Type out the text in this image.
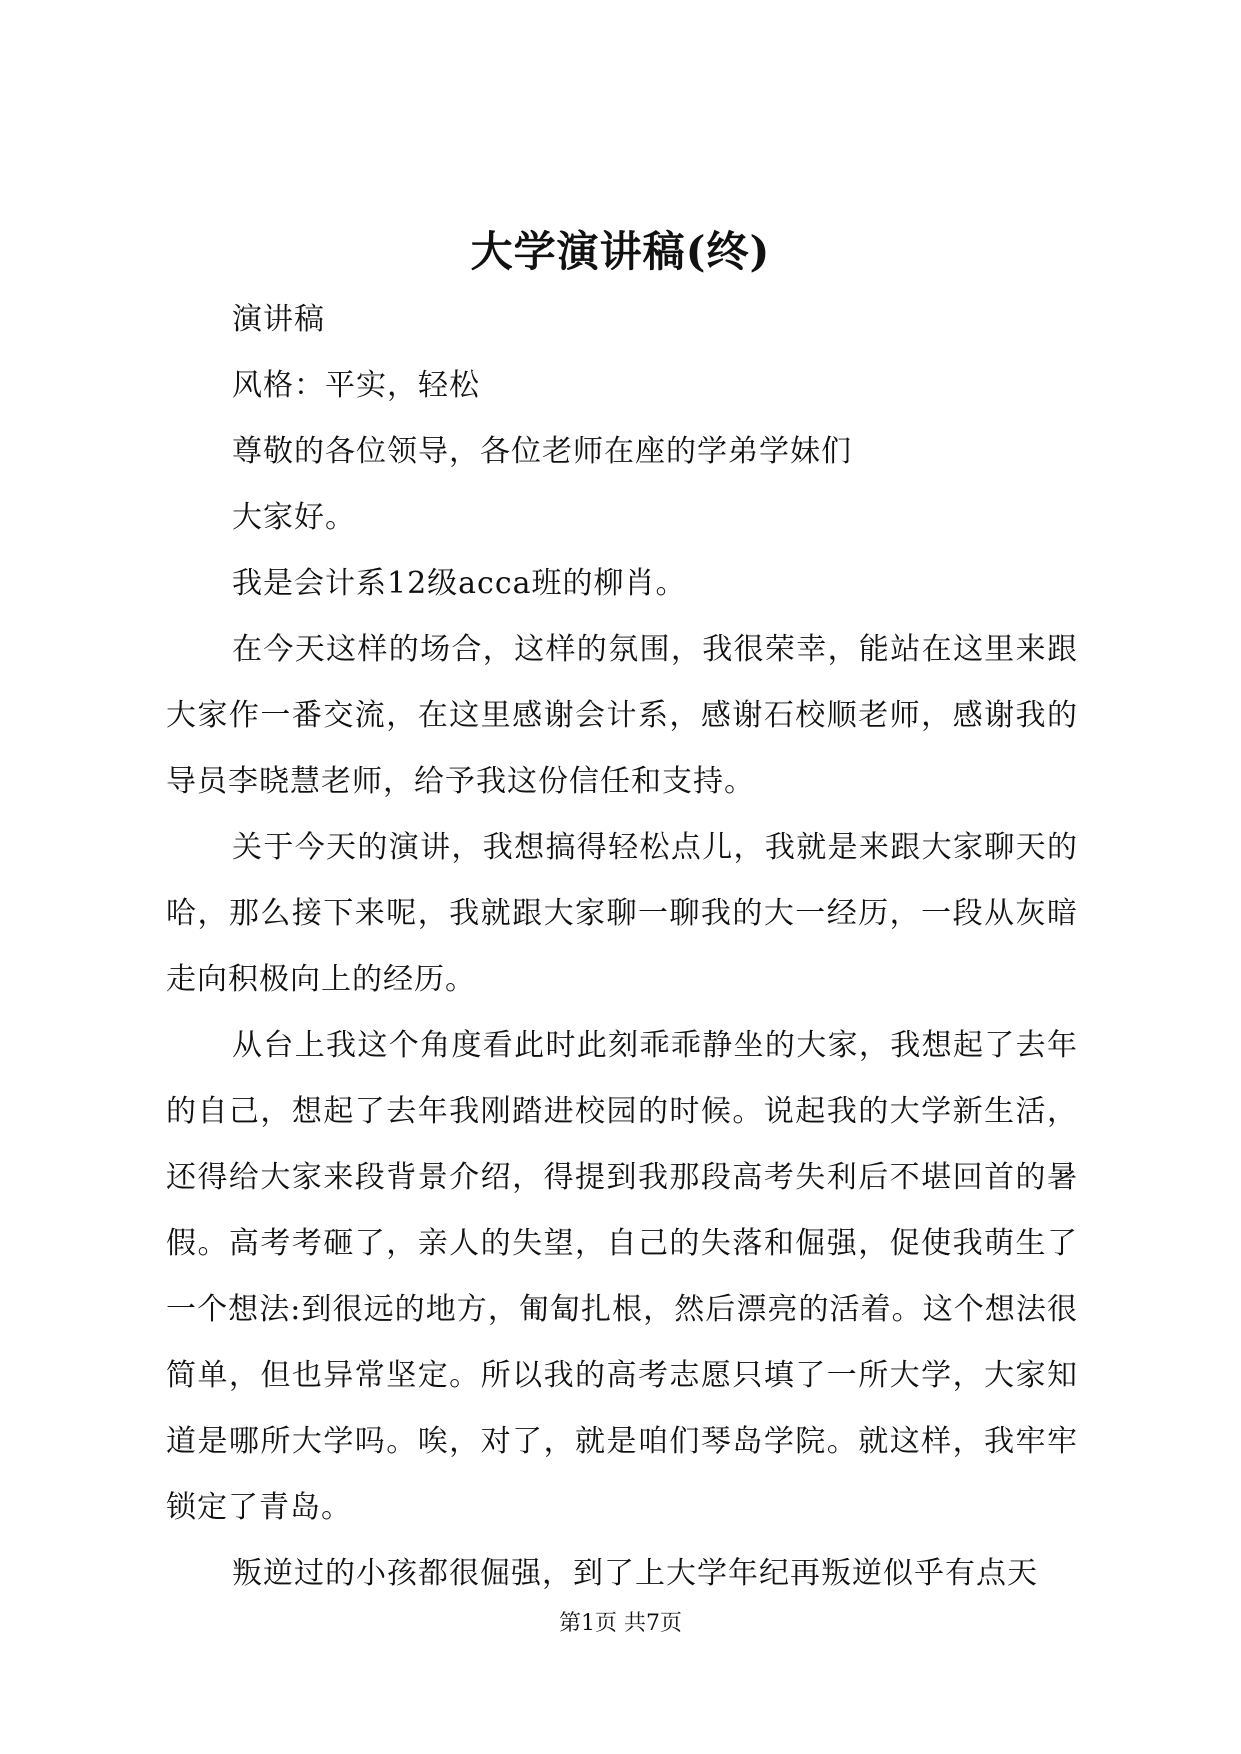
大学演讲稿(终)

演讲稿

风格：平实，轻松

尊敬的各位领导，各位老师在座的学弟学妹们

大家好。

我是会计系12级acca班的柳肖。

在今天这样的场合，这样的氛围，我很荣幸，能站在这里来跟大家作一番交流，在这里感谢会计系，感谢石校顺老师，感谢我的导员李晓慧老师，给予我这份信任和支持。

关于今天的演讲，我想搞得轻松点儿，我就是来跟大家聊天的哈，那么接下来呢，我就跟大家聊一聊我的大一经历，一段从灰暗走向积极向上的经历。

从台上我这个角度看此时此刻乖乖静坐的大家，我想起了去年的自己，想起了去年我刚踏进校园的时候。说起我的大学新生活，还得给大家来段背景介绍，得提到我那段高考失利后不堪回首的暑假。高考考砸了，亲人的失望，自己的失落和倔强，促使我萌生了一个想法:到很远的地方，匍匐扎根，然后漂亮的活着。这个想法很简单，但也异常坚定。所以我的高考志愿只填了一所大学，大家知道是哪所大学吗。唉，对了，就是咱们琴岛学院。就这样，我牢牢锁定了青岛。

叛逆过的小孩都很倔强，到了上大学年纪再叛逆似乎有点天

第1页 共7页
